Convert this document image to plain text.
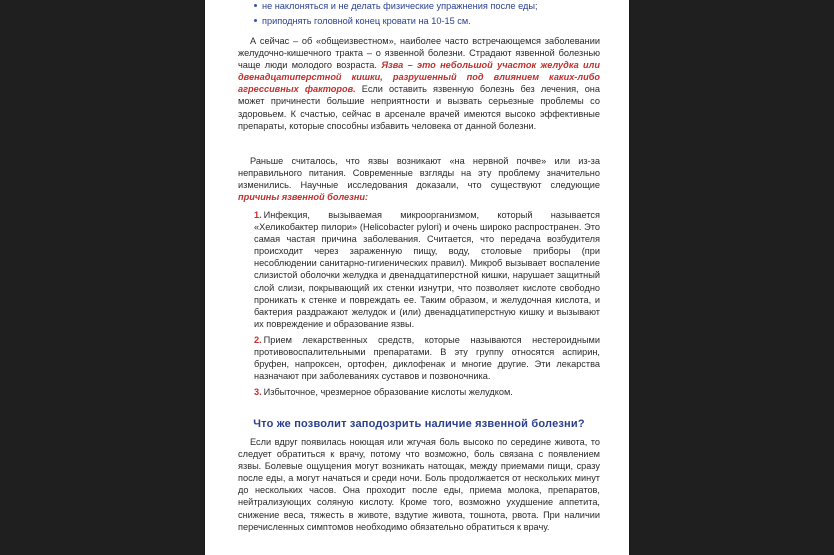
не наклоняться и не делать физические упражнения после еды;
приподнять головной конец кровати на 10-15 см.

А сейчас – об «общеизвестном», наиболее часто встречающемся заболевании желудочно-кишечного тракта – о язвенной болезни. Страдают язвенной болезнью чаще люди молодого возраста. Язва – это небольшой участок желудка или двенадцатиперстной кишки, разрушенный под влиянием каких-либо агрессивных факторов. Если оставить язвенную болезнь без лечения, она может причинести большие неприятности и вызвать серьезные проблемы со здоровьем. К счастью, сейчас в арсенале врачей имеются высоко эффективные препараты, которые способны избавить человека от данной болезни.

Раньше считалось, что язвы возникают «на нервной почве» или из-за неправильного питания. Современные взгляды на эту проблему значительно изменились. Научные исследования доказали, что существуют следующие причины язвенной болезни:

1. Инфекция, вызываемая микроорганизмом, который называется «Хеликобактер пилори» (Helicobacter pylori) и очень широко распространен. Это самая частая причина заболевания. Считается, что передача возбудителя происходит через зараженную пищу, воду, столовые приборы (при несоблюдении санитарно-гигиенических правил). Микроб вызывает воспаление слизистой оболочки желудка и двенадцатиперстной кишки, нарушает защитный слой слизи, покрывающий их стенки изнутри, что позволяет кислоте свободно проникать к стенке и повреждать ее. Таким образом, и желудочная кислота, и бактерия раздражают желудок и (или) двенадцатиперстную кишку и вызывают их повреждение и образование язвы.
2. Прием лекарственных средств, которые называются нестероидными противовоспалительными препаратами. В эту группу относятся аспирин, бруфен, напроксен, ортофен, диклофенак и многие другие. Эти лекарства назначают при заболеваниях суставов и позвоночника.
3. Избыточное, чрезмерное образование кислоты желудком.
Что же позволит заподозрить наличие язвенной болезни?

Если вдруг появилась ноющая или жгучая боль высоко по середине живота, то следует обратиться к врачу, потому что возможно, боль связана с появлением язвы. Болевые ощущения могут возникать натощак, между приемами пищи, сразу после еды, а могут начаться и среди ночи. Боль продолжается от нескольких минут до нескольких часов. Она проходит после еды, приема молока, препаратов, нейтрализующих соляную кислоту. Кроме того, возможно ухудшение аппетита, снижение веса, тяжесть в животе, вздутие живота, тошнота, рвота. При наличии перечисленных симптомов необходимо обязательно обратиться к врачу.
